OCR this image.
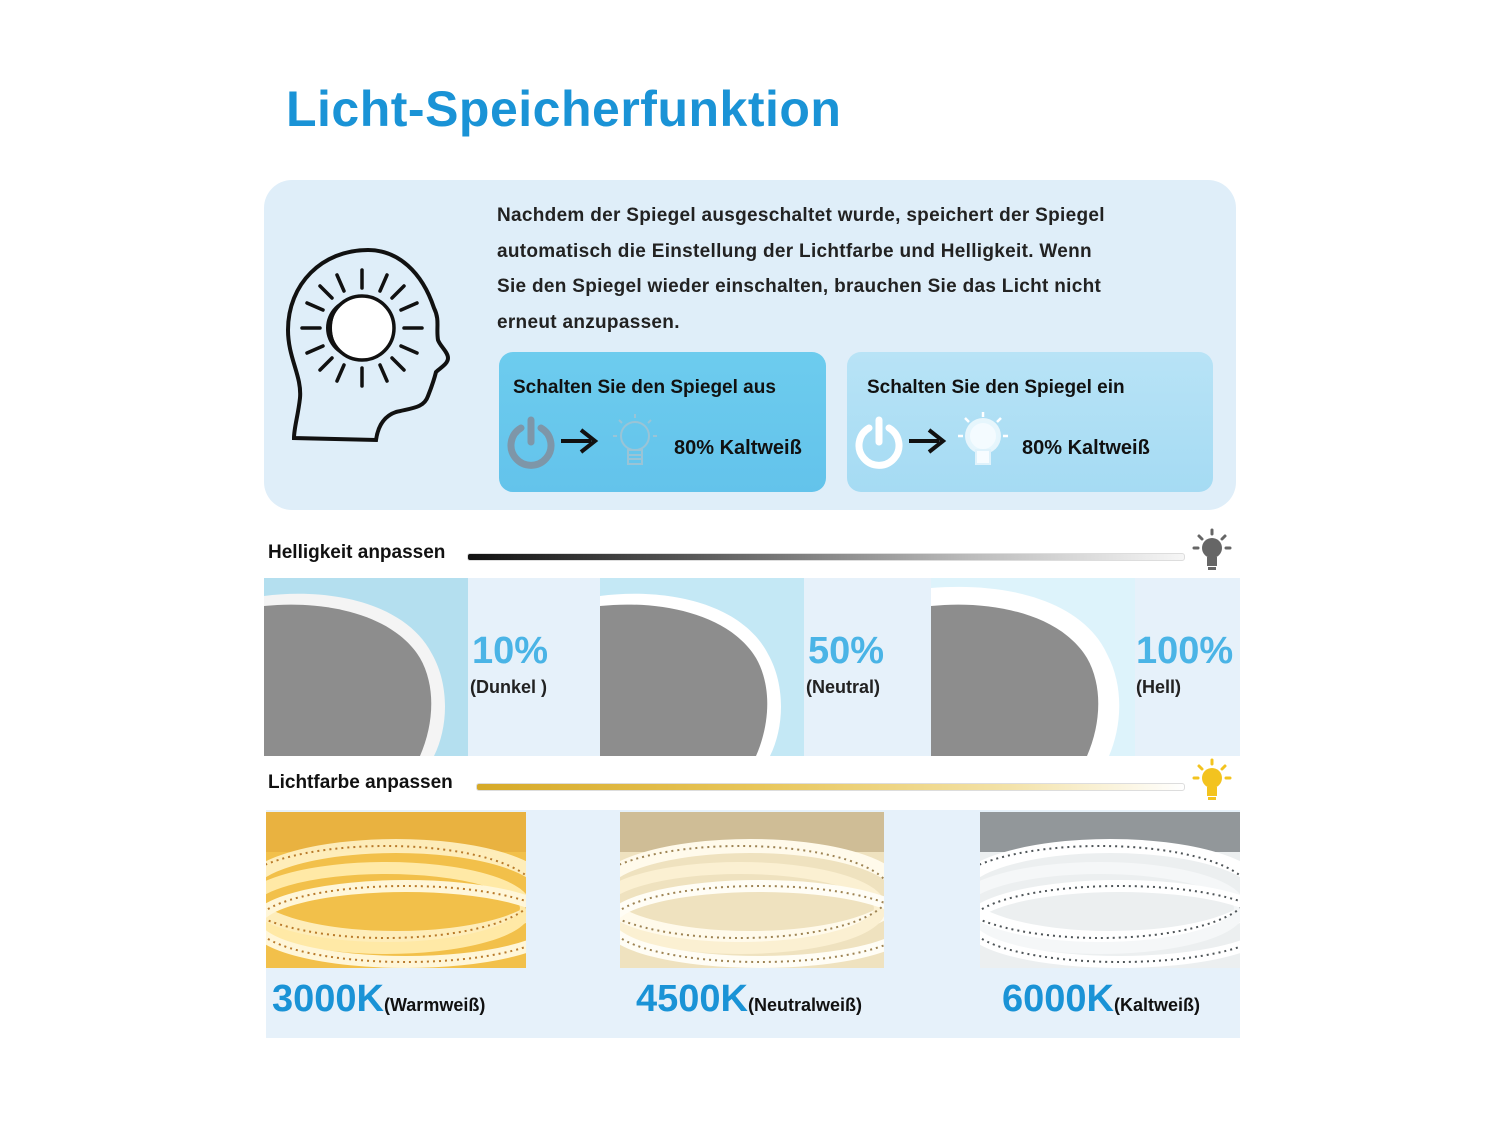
Licht-Speicherfunktion
Nachdem der Spiegel ausgeschaltet wurde, speichert der Spiegel
automatisch die Einstellung der Lichtfarbe und Helligkeit. Wenn
Sie den Spiegel wieder einschalten, brauchen Sie das Licht nicht
erneut anzupassen.
Schalten Sie den Spiegel aus
80% Kaltweiß
Schalten Sie den Spiegel ein
80% Kaltweiß
Helligkeit anpassen
10%
(Dunkel )
50%
(Neutral)
100%
(Hell)
Lichtfarbe anpassen
3000K(Warmweiß)	4500K(Neutralweiß)	6000K(Kaltweiß)
